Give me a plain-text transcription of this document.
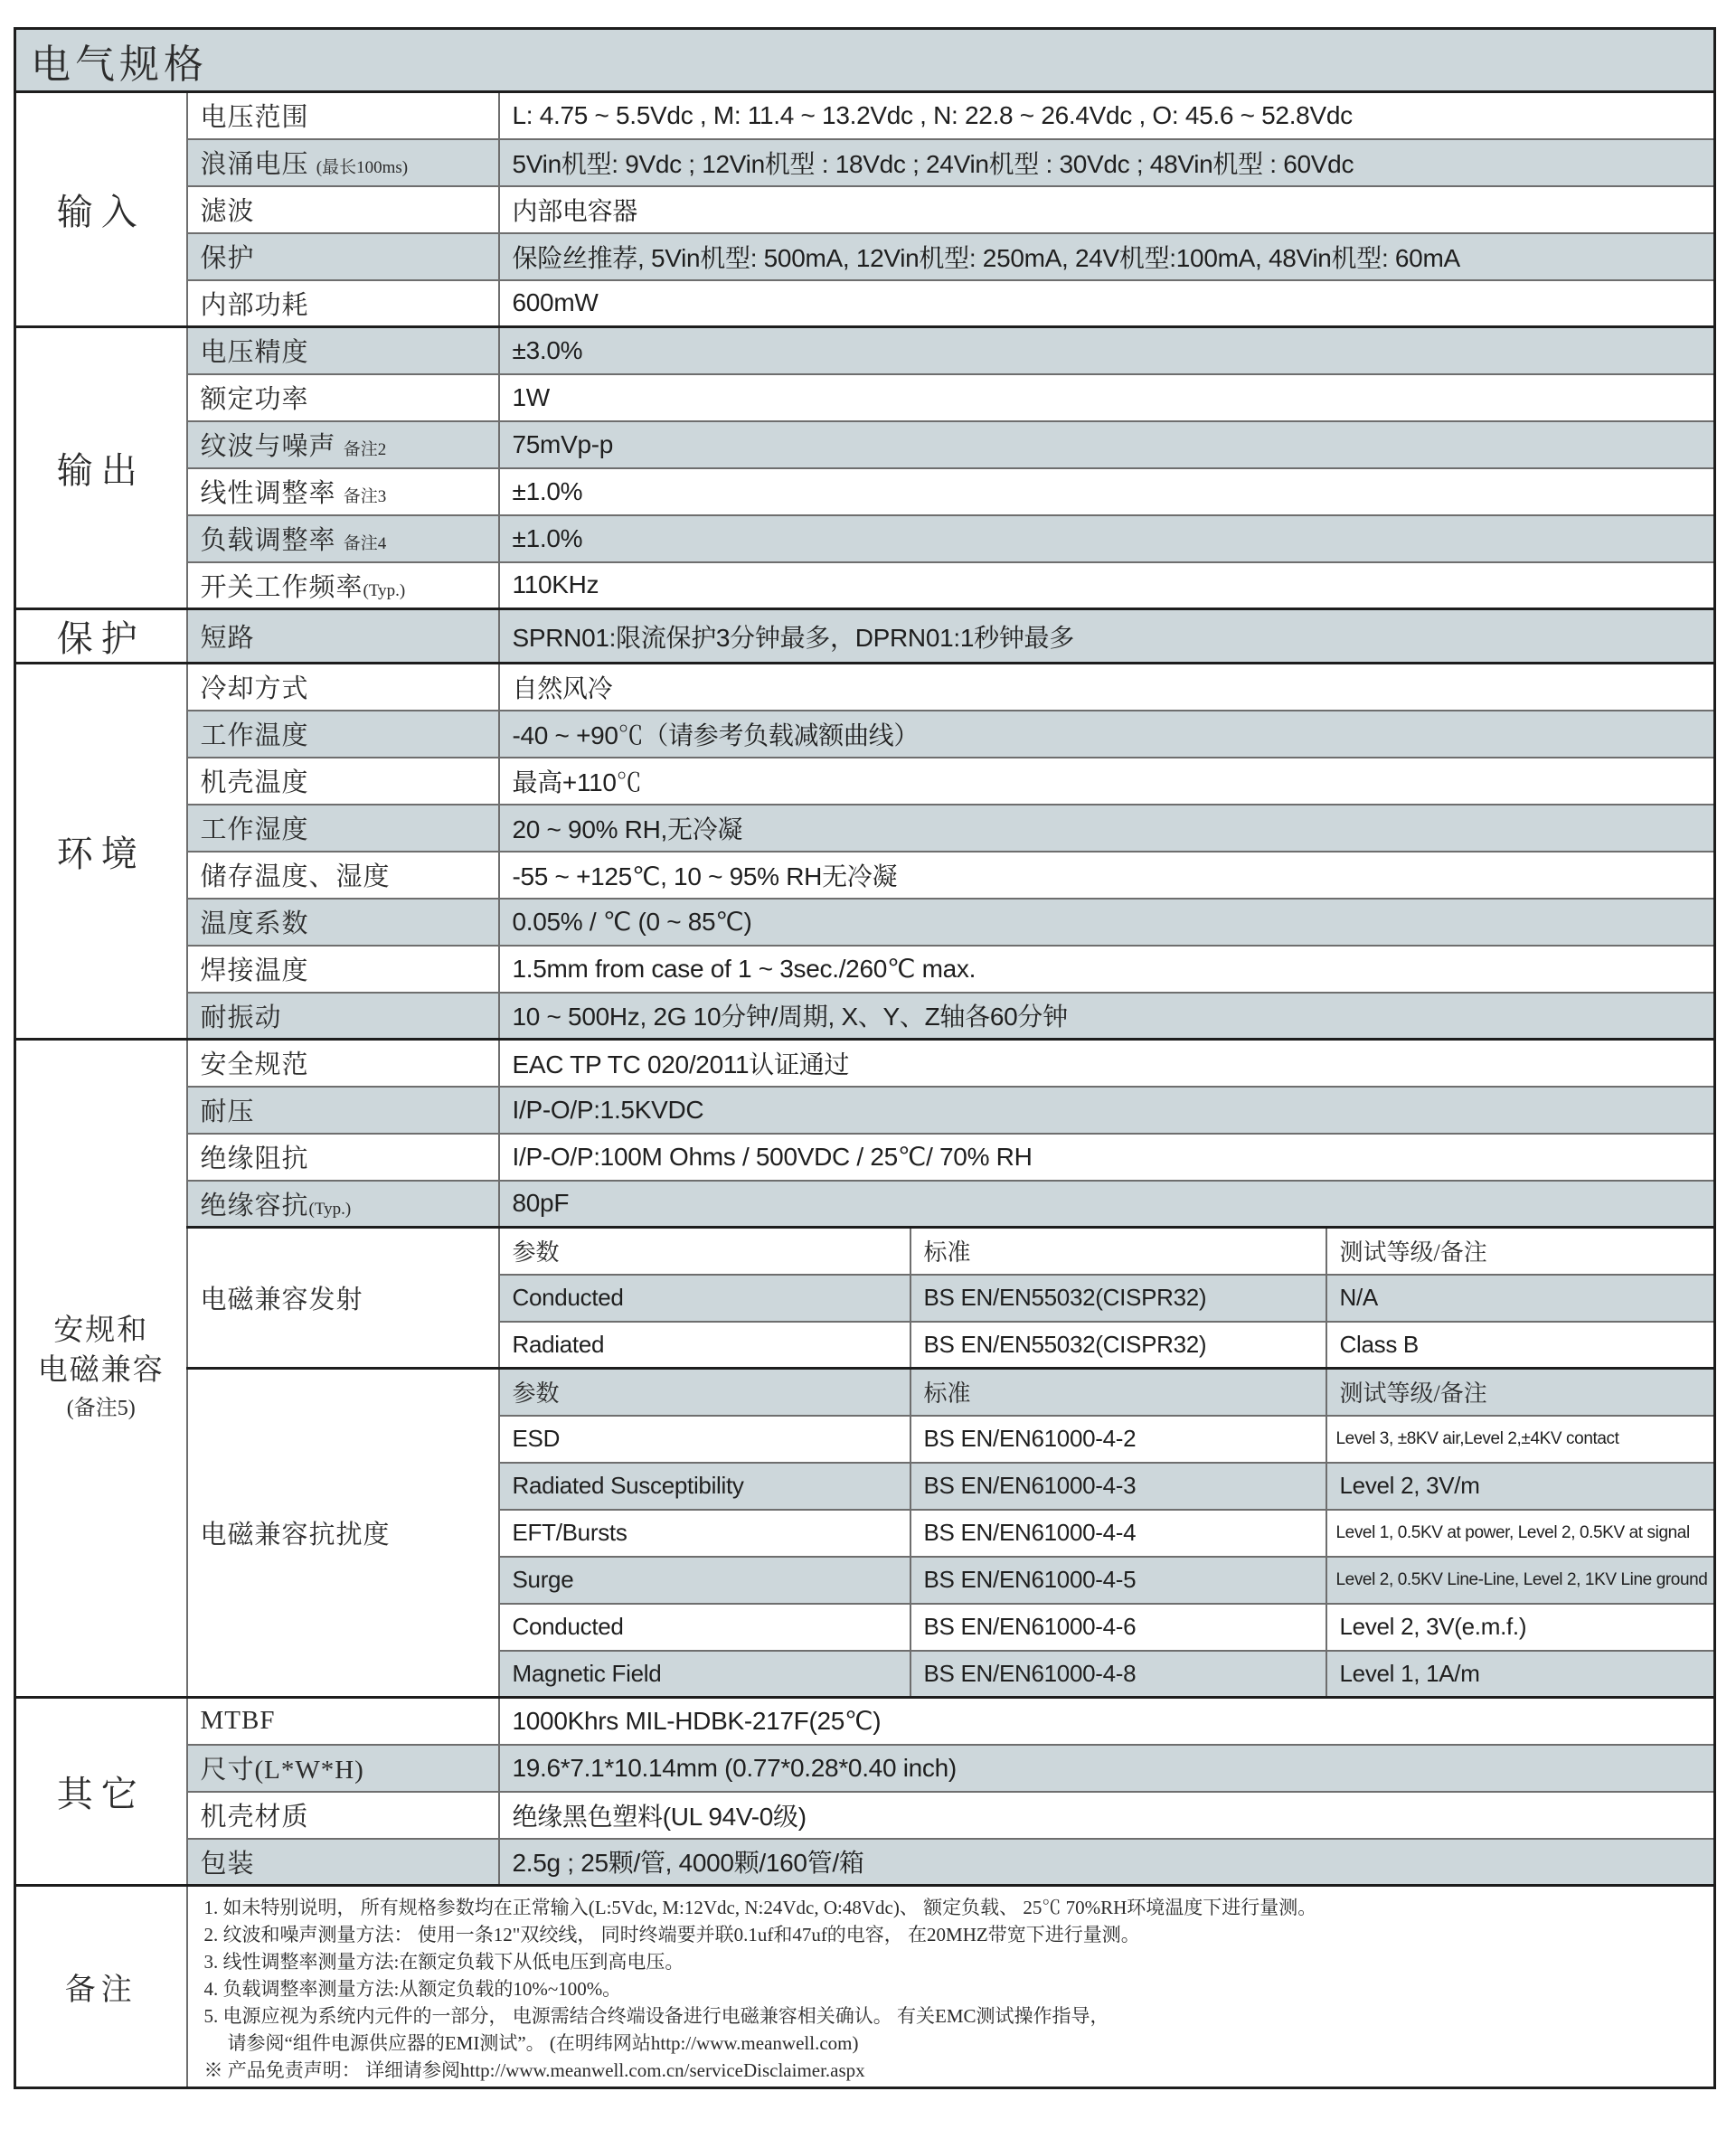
电气规格				
输入	电压范围	L: 4.75 ~ 5.5Vdc , M: 11.4 ~ 13.2Vdc , N: 22.8 ~ 26.4Vdc , O: 45.6 ~ 52.8Vdc		
	浪涌电压 (最长100ms)	5Vin机型: 9Vdc ; 12Vin机型 : 18Vdc ; 24Vin机型 : 30Vdc ; 48Vin机型 : 60Vdc		
	滤波	内部电容器		
	保护	保险丝推荐, 5Vin机型: 500mA, 12Vin机型: 250mA, 24V机型:100mA, 48Vin机型: 60mA		
	内部功耗	600mW		
输出	电压精度	±3.0%		
	额定功率	1W		
	纹波与噪声 备注2	75mVp-p		
	线性调整率 备注3	±1.0%		
	负载调整率 备注4	±1.0%		
	开关工作频率(Typ.)	110KHz		
保护	短路	SPRN01:限流保护3分钟最多，DPRN01:1秒钟最多		
环境	冷却方式	自然风冷		
	工作温度	-40 ~ +90℃（请参考负载减额曲线）		
	机壳温度	最高+110℃		
	工作湿度	20 ~ 90% RH,无冷凝		
	储存温度、湿度	-55 ~ +125℃, 10 ~ 95% RH无冷凝		
	温度系数	0.05% / ℃ (0 ~ 85℃)		
	焊接温度	1.5mm from case of 1 ~ 3sec./260℃ max.		
	耐振动	10 ~ 500Hz, 2G 10分钟/周期, X、Y、Z轴各60分钟		

安规和
电磁兼容
(备注5)	安全规范	EAC TP TC 020/2011认证通过		
	耐压	I/P-O/P:1.5KVDC		
	绝缘阻抗	I/P-O/P:100M Ohms / 500VDC / 25℃/ 70% RH		
	绝缘容抗(Typ.)	80pF		
	电磁兼容发射	参数	标准	测试等级/备注
		Conducted	BS EN/EN55032(CISPR32)	N/A
		Radiated	BS EN/EN55032(CISPR32)	Class B
	电磁兼容抗扰度	参数	标准	测试等级/备注
		ESD	BS EN/EN61000-4-2	Level 3, ±8KV air,Level 2,±4KV contact
		Radiated Susceptibility	BS EN/EN61000-4-3	Level 2, 3V/m
		EFT/Bursts	BS EN/EN61000-4-4	Level 1, 0.5KV at power, Level 2, 0.5KV at signal
		Surge	BS EN/EN61000-4-5	Level 2, 0.5KV Line-Line, Level 2, 1KV Line ground
		Conducted	BS EN/EN61000-4-6	Level 2, 3V(e.m.f.)
		Magnetic Field	BS EN/EN61000-4-8	Level 1, 1A/m
其它	MTBF	1000Khrs MIL-HDBK-217F(25℃)		
	尺寸(L*W*H)	19.6*7.1*10.14mm (0.77*0.28*0.40 inch)		
	机壳材质	绝缘黑色塑料(UL 94V-0级)		
	包装	2.5g ; 25颗/管, 4000颗/160管/箱		
备注	
1. 如未特别说明， 所有规格参数均在正常输入(L:5Vdc, M:12Vdc, N:24Vdc, O:48Vdc)、 额定负载、 25℃ 70%RH环境温度下进行量测。
2. 纹波和噪声测量方法： 使用一条12"双绞线， 同时终端要并联0.1uf和47uf的电容， 在20MHZ带宽下进行量测。
3. 线性调整率测量方法:在额定负载下从低电压到高电压。
4. 负载调整率测量方法:从额定负载的10%~100%。
5. 电源应视为系统内元件的一部分， 电源需结合终端设备进行电磁兼容相关确认。 有关EMC测试操作指导，
请参阅“组件电源供应器的EMI测试”。 (在明纬网站http://www.meanwell.com)
※ 产品免责声明： 详细请参阅http://www.meanwell.com.cn/serviceDisclaimer.aspx
